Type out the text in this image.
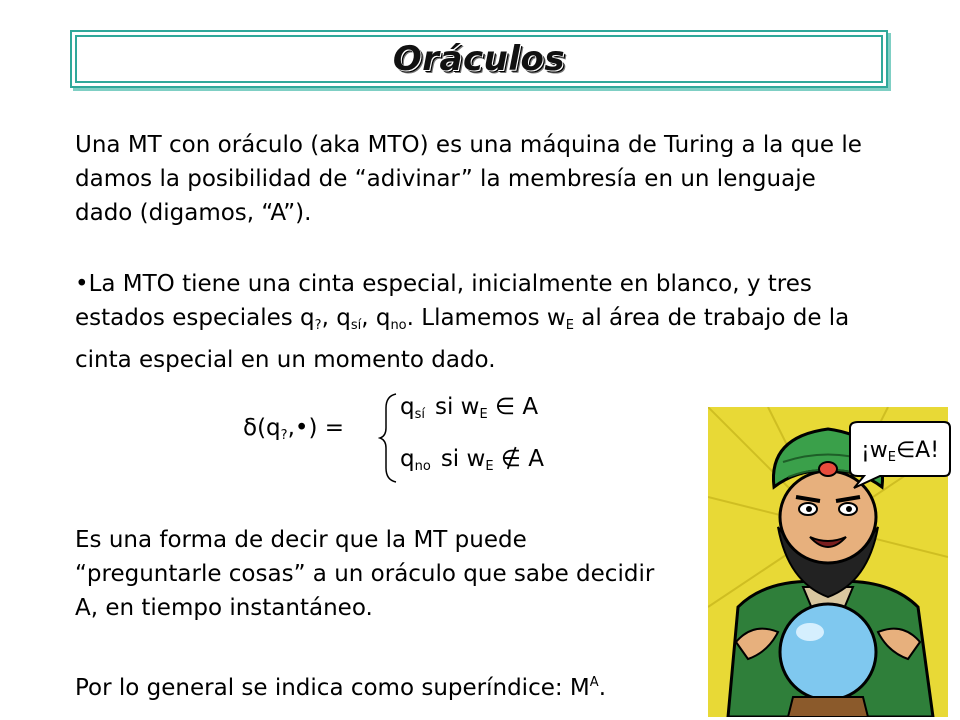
Oráculos

Una MT con oráculo (aka MTO) es una máquina de Turing a la que le damos la posibilidad de “adivinar” la membresía en un lenguaje dado (digamos, “A”).

•La MTO tiene una cinta especial, inicialmente en blanco, y tres estados especiales $q_?$, $q_{sí}$, $q_{no}$. Llamemos $w_E$ al área de trabajo de la cinta especial en un momento dado.

$\delta(q_?,•)$ =
$q_{sí}$ si $w_E$ ∈ A
$q_{no}$ si $w_E$ ∉ A

Es una forma de decir que la MT puede “preguntarle cosas” a un oráculo que sabe decidir A, en tiempo instantáneo.

Por lo general se indica como superíndice: $M^A$.

¡$w_E\in A$!
